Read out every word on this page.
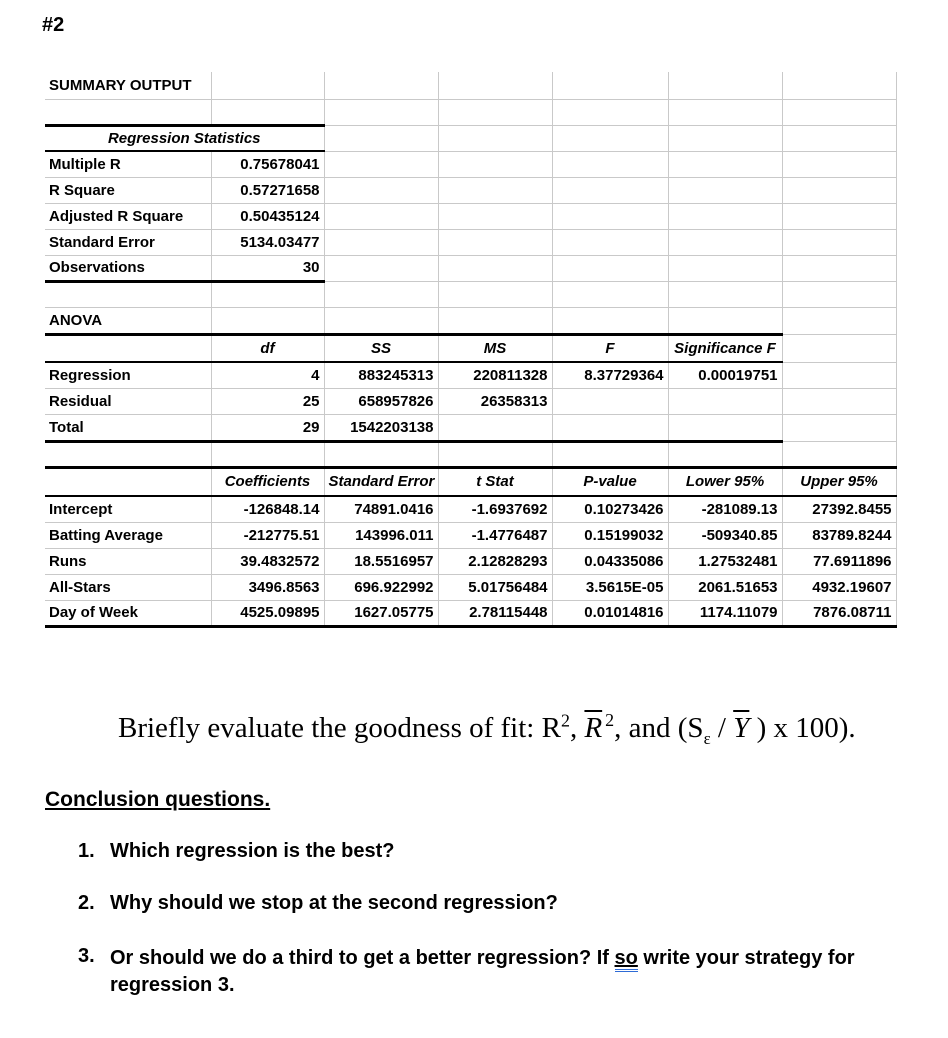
#2
SUMMARY OUTPUT						

Regression Statistics						
Multiple R	0.75678041					
R Square	0.57271658					
Adjusted R Square	0.50435124					
Standard Error	5134.03477					
Observations	30					

ANOVA						
	df	SS	MS	F	Significance F	
Regression	4	883245313	220811328	8.37729364	0.00019751	
Residual	25	658957826	26358313			
Total	29	1542203138				

	Coefficients	Standard Error	t Stat	P-value	Lower 95%	Upper 95%
Intercept	-126848.14	74891.0416	-1.6937692	0.10273426	-281089.13	27392.8455
Batting Average	-212775.51	143996.011	-1.4776487	0.15199032	-509340.85	83789.8244
Runs	39.4832572	18.5516957	2.12828293	0.04335086	1.27532481	77.6911896
All-Stars	3496.8563	696.922992	5.01756484	3.5615E-05	2061.51653	4932.19607
Day of Week	4525.09895	1627.05775	2.78115448	0.01014816	1174.11079	7876.08711
Briefly evaluate the goodness of fit: $R^2$, $\overline{R}$ $^2$, and ($S_\varepsilon / \overline{Y}$ ) x 100).
Conclusion questions.
1. Which regression is the best?
2. Why should we stop at the second regression?
3. Or should we do a third to get a better regression? If so write your strategy for
regression 3.
